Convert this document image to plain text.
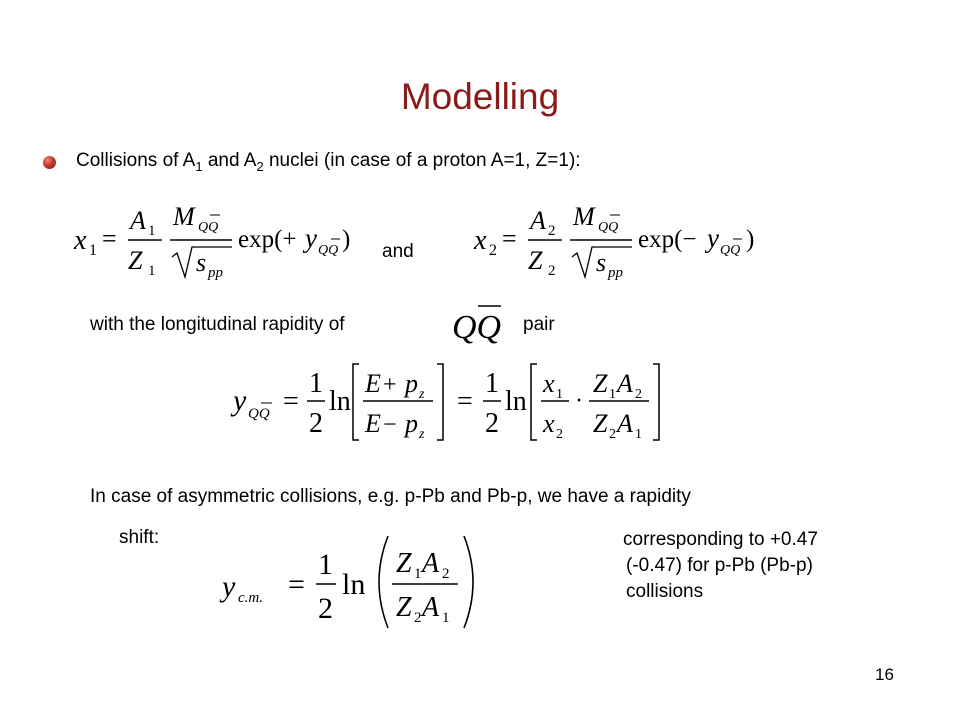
Modelling
Collisions of $A_1$ and $A_2$ nuclei (in case of a proton A=1, Z=1):
x 1 =
A 1
Z 1
M QQ
s pp
exp(+ y QQ ) and x 2 =
A 2
Z 2
M QQ
s pp
exp(− y QQ )
with the longitudinal rapidity of	QQ pair
y QQ =
1
2
ln
E + p z
E − p z
=
1
2
ln
x 1
x 2
·
Z 1 A 2
Z 2 A 1
In case of asymmetric collisions, e.g. p-Pb and Pb-p, we have a rapidity
shift:
y c.m. =
1
2
ln
Z 1 A 2
Z 2 A 1
corresponding to +0.47
(-0.47) for p-Pb (Pb-p)
collisions
16
